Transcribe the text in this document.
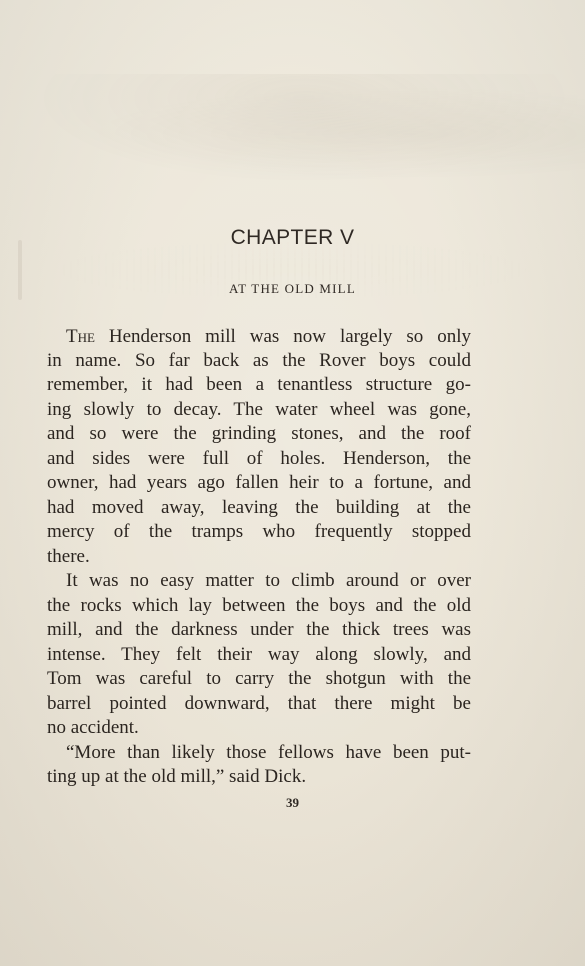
CHAPTER V
AT THE OLD MILL
The Henderson mill was now largely so only
in name. So far back as the Rover boys could
remember, it had been a tenantless structure go-
ing slowly to decay. The water wheel was gone,
and so were the grinding stones, and the roof
and sides were full of holes. Henderson, the
owner, had years ago fallen heir to a fortune, and
had moved away, leaving the building at the
mercy of the tramps who frequently stopped
there.
It was no easy matter to climb around or over
the rocks which lay between the boys and the old
mill, and the darkness under the thick trees was
intense. They felt their way along slowly, and
Tom was careful to carry the shotgun with the
barrel pointed downward, that there might be
no accident.
“More than likely those fellows have been put-
ting up at the old mill,” said Dick.
39
